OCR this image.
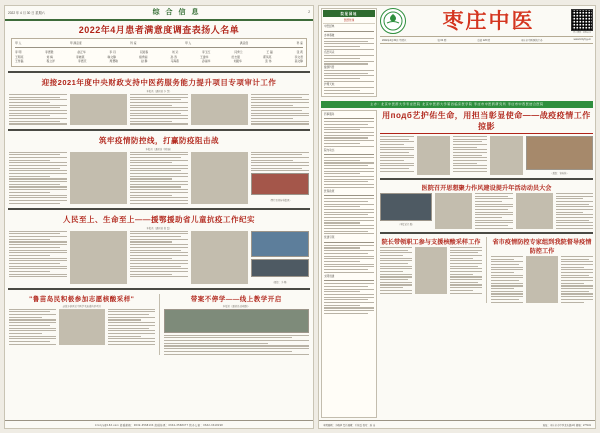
2022 年 4 月 30 日 星期六	综 合 信 息	2
2022年4月患者满意度调查表扬人名单
甲 人	甲 满意度	科 室	甲 人	满意度	科 室
李 明	李德胜	赵正华	李 丹	闫迎春	刘 运	李玉红	闫秀兰	王 磊	张 莉
王明亮	刘 梅	李晓燕	韩文静	褚秀丽	孙 涛	王建华	田志强	郭凤英	李文君
王传磊	程立洋	李德庆	周慧敏	赵 静	马海燕	孙丽华	刘振华	张 伟	高文静
迎接2021年度中央财政支持中医药服务能力提升项目专项审计工作
本报讯（通讯员 李 慧）
筑牢疫情防控线，打赢防疫阻击战
本报讯（通讯员 王晓霞）
（图片由宣传科提供）
人民至上、生命至上——援鄂援助省儿童抗疫工作纪实
本报讯（通讯员 张 磊）
（摄影：李 明）
"鲁苗岛民积极参加志愿核酸采样"
获批多条医采中医学术流涨传承项目
带案不停学——线上教学开启
本报讯（通讯员 孙晓静）
zzszyy@163.com 投稿邮箱：0632-3568133 投稿传真：0632-3568077 院办公室：0632-3318198
院报园地
医德传递
中医经典
杏林春暖
名医风采
健康科普
护理天地
枣庄中医	官方微信 · 扫码关注
2022年4月30日 星期六	第 04 期	总第 126 期	枣庄市中医医院主办	www.bzzyhyy.cn
主办：北京中医药大学枣庄医院 北京中医药大学第四临床医学院 枣庄市中医药研究所 枣庄市中西医结合医院
药事服务
院内动态
医保政策
党建引领
文明创建
用подб艺护佑生命，用担当彰显使命——战疫疫情工作掠影
（摄影：宣传科）
医院召开思想聚力作风建设提升年活动动员大会
（本报记者 摄）
院长带领职工参与支援核酸采样工作 省市疫情防控专家组到我院督导疫情防控工作
本期编辑：李晓华 责任编辑：王传磊 校对：孙 涛	地址：枣庄市市中区龙头路1号 邮编：277101
